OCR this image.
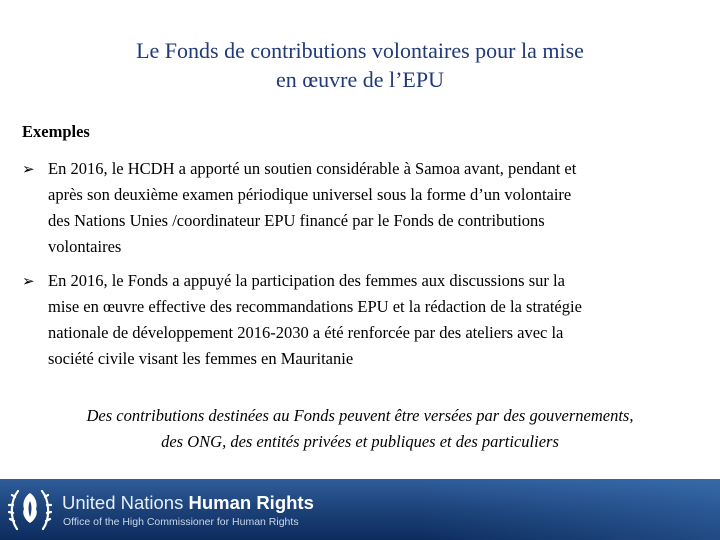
Le Fonds de contributions volontaires pour la mise
en œuvre de l’EPU
Exemples
➢ En 2016, le HCDH a apporté un soutien considérable à Samoa avant, pendant et
après son deuxième examen périodique universel sous la forme d’un volontaire
des Nations Unies /coordinateur EPU financé par le Fonds de contributions
volontaires
➢ En 2016, le Fonds a appuyé la participation des femmes aux discussions sur la
mise en œuvre effective des recommandations EPU et la rédaction de la stratégie
nationale de développement 2016-2030 a été renforcée par des ateliers avec la
société civile visant les femmes en Mauritanie
Des contributions destinées au Fonds peuvent être versées par des gouvernements,
des ONG, des entités privées et publiques et des particuliers
United Nations Human Rights
Office of the High Commissioner for Human Rights
